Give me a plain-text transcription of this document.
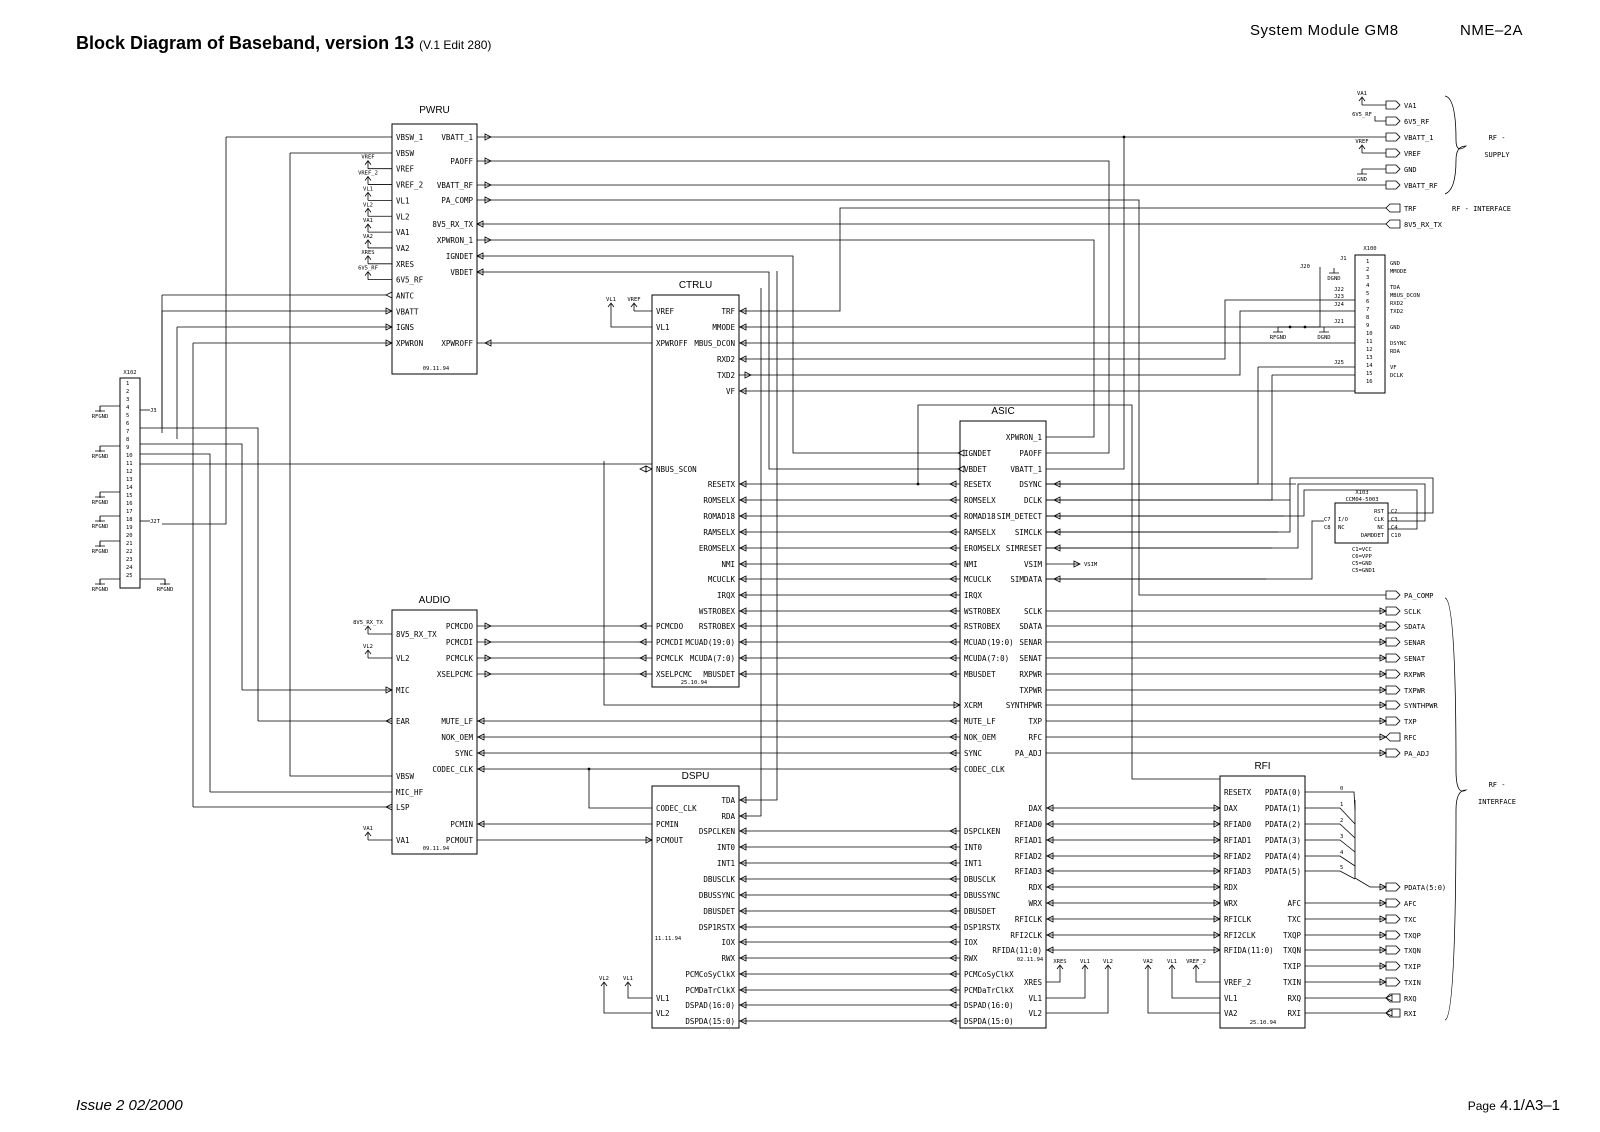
Block Diagram of Baseband, version 13 (V.1 Edit 280)
System Module GM8	NME–2A
Issue 2 02/2000	Page 4.1/A3–1
PWRU
09.11.94
VBSW_1
VBSW
VREF
VREF_2
VL1
VL2
VA1
VA2
XRES
6V5_RF
ANTC
VBATT
IGNS
XPWRON
VBATT_1
PAOFF
VBATT_RF
PA_COMP
8V5_RX_TX
XPWRON_1
IGNDET
VBDET
XPWROFF
VREF
VREF_2
VL1
VL2
VA1
VA2
XRES
6V5_RF
CTRLU
25.10.94
VREF
VL1
XPWROFF
NBUS_SCON
PCMCDO
PCMCDI
PCMCLK
XSELPCMC
TRF
MMODE
MBUS_DCON
RXD2
TXD2
VF
RESETX
ROMSELX
ROMAD18
RAMSELX
EROMSELX
NMI
MCUCLK
IRQX
WSTROBEX
RSTROBEX
MCUAD(19:0)
MCUDA(7:0)
MBUSDET
VL1 VREF
ASIC
02.11.94
IGNDET
VBDET
RESETX
ROMSELX
ROMAD18
RAMSELX
EROMSELX
NMI
MCUCLK
IRQX
WSTROBEX
RSTROBEX
MCUAD(19:0)
MCUDA(7:0)
MBUSDET
XCRM
MUTE_LF
NOK_OEM
SYNC
CODEC_CLK
DSPCLKEN
INT0
INT1
DBUSCLK
DBUSSYNC
DBUSDET
DSP1RSTX
IOX
RWX
PCMCoSyClkX
PCMDaTrClkX
DSPAD(16:0)
DSPDA(15:0)
XPWRON_1
PAOFF
VBATT_1
DSYNC
DCLK
SIM_DETECT
SIMCLK
SIMRESET
VSIM
SIMDATA
SCLK
SDATA
SENAR
SENAT
RXPWR
TXPWR
SYNTHPWR
TXP
RFC
PA_ADJ
DAX
RFIAD0
RFIAD1
RFIAD2
RFIAD3
RDX
WRX
RFICLK
RFI2CLK
RFIDA(11:0)
XRES
VL1
VL2
VSIM
XRES VL1 VL2
AUDIO
09.11.94
8V5_RX_TX
VL2
MIC
EAR
VBSW
MIC_HF
LSP
VA1
PCMCDO
PCMCDI
PCMCLK
XSELPCMC
MUTE_LF
NOK_OEM
SYNC
CODEC_CLK
PCMIN
PCMOUT
8V5_RX_TX
VL2
VA1
DSPU
11.11.94
CODEC_CLK
PCMIN
PCMOUT
VL1
VL2
TDA
RDA
DSPCLKEN
INT0
INT1
DBUSCLK
DBUSSYNC
DBUSDET
DSP1RSTX
IOX
RWX
PCMCoSyClkX
PCMDaTrClkX
DSPAD(16:0)
DSPDA(15:0)
VL2	VL1
RFI
25.10.94
RESETX
DAX
RFIAD0
RFIAD1
RFIAD2
RFIAD3
RDX
WRX
RFICLK
RFI2CLK
RFIDA(11:0)
VREF_2
VL1
VA2
PDATA(0)
PDATA(1)
PDATA(2)
PDATA(3)
PDATA(4)
PDATA(5)
AFC
TXC
TXQP
TXQN
TXIP
TXIN
RXQ
RXI
0
1
2
3
4
5
VA2	VL1 VREF_2
X102
1
2
3
4
5
6
7
8
9
10
11
12
13
14
15
16
17
18
19
20
21
22
23
24
25
RFGND
J3
RFGND
RFGND
RFGND
J2T
RFGND
RFGND	RFGND
X100
1
2
3
4
5
6
7
8
9
10
11
12
13
14
15
16
GND
MMODE
TDA
MBUS_DCON
RXD2
TXD2
GND
DSYNC
RDA
VF
DCLK
J20
J1
J22
J23
J24
J21
J25
DGND
RFGND	DGND
X103
CCM04-5003
RST C2
CLK C3
NC C4
DAMDDET C10
I/O
C7
NC
C8
C1=VCC
C6=VPP
C5=GND
C5=GND1
VA1
6V5_RF
VBATT_1
VREF
GND
VBATT_RF
VA1
6V5_RF
VREF
GND
RF -
SUPPLY
TRF
8V5_RX_TX
RF - INTERFACE
PA_COMP
SCLK
SDATA
SENAR
SENAT
RXPWR
TXPWR
SYNTHPWR
TXP
RFC
PA_ADJ
PDATA(5:0)
AFC
TXC
TXQP
TXQN
TXIP
TXIN
RXQ
RXI
RF -
INTERFACE
